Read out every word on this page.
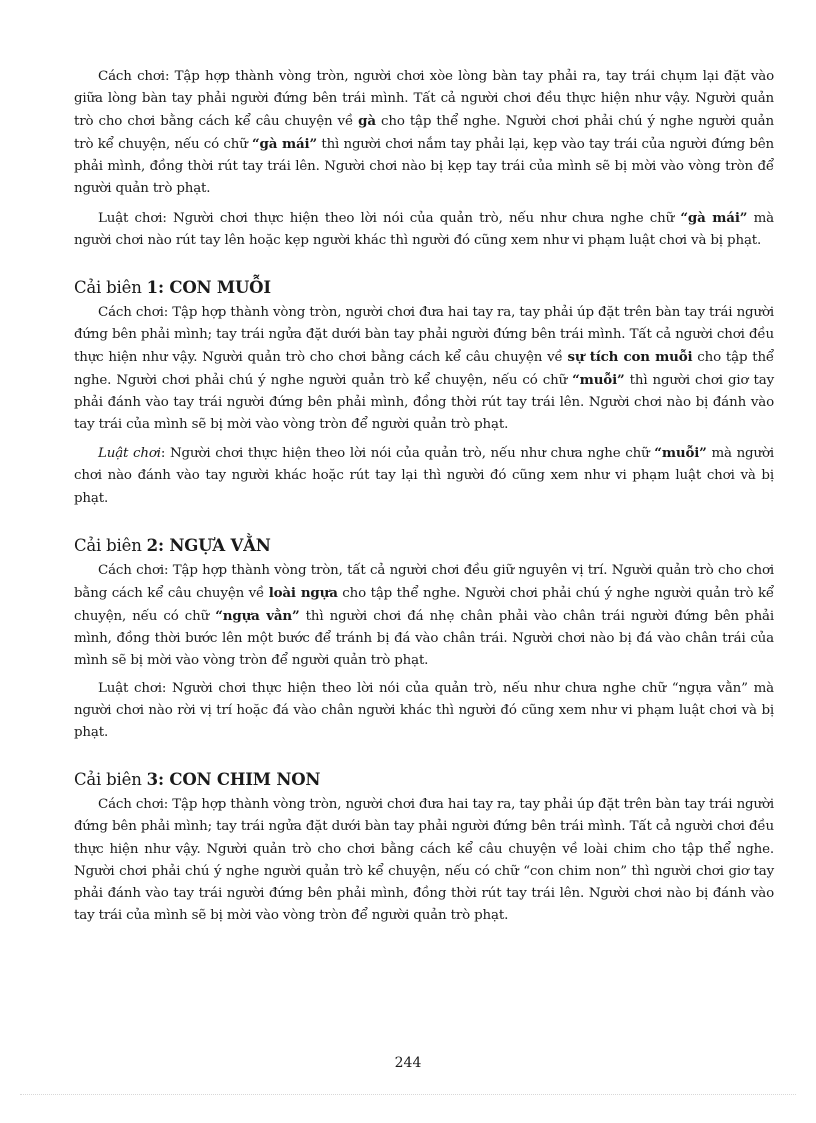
Cách chơi: Tập hợp thành vòng tròn, người chơi xòe lòng bàn tay phải ra, tay trái chụm lại đặt vào giữa lòng bàn tay phải người đứng bên trái mình. Tất cả người chơi đều thực hiện như vậy. Người quản trò cho chơi bằng cách kể câu chuyện về gà cho tập thể nghe. Người chơi phải chú ý nghe người quản trò kể chuyện, nếu có chữ “gà mái” thì người chơi nắm tay phải lại, kẹp vào tay trái của người đứng bên phải mình, đồng thời rút tay trái lên. Người chơi nào bị kẹp tay trái của mình sẽ bị mời vào vòng tròn để người quản trò phạt.

Luật chơi: Người chơi thực hiện theo lời nói của quản trò, nếu như chưa nghe chữ “gà mái” mà người chơi nào rút tay lên hoặc kẹp người khác thì người đó cũng xem như vi phạm luật chơi và bị phạt.

Cải biên 1: CON MUỖI

Cách chơi: Tập hợp thành vòng tròn, người chơi đưa hai tay ra, tay phải úp đặt trên bàn tay trái người đứng bên phải mình; tay trái ngửa đặt dưới bàn tay phải người đứng bên trái mình. Tất cả người chơi đều thực hiện như vậy. Người quản trò cho chơi bằng cách kể câu chuyện về sự tích con muỗi cho tập thể nghe. Người chơi phải chú ý nghe người quản trò kể chuyện, nếu có chữ “muỗi” thì người chơi giơ tay phải đánh vào tay trái người đứng bên phải mình, đồng thời rút tay trái lên. Người chơi nào bị đánh vào tay trái của mình sẽ bị mời vào vòng tròn để người quản trò phạt.

Luật chơi: Người chơi thực hiện theo lời nói của quản trò, nếu như chưa nghe chữ “muỗi” mà người chơi nào đánh vào tay người khác hoặc rút tay lại thì người đó cũng xem như vi phạm luật chơi và bị phạt.

Cải biên 2: NGỰA VẰN

Cách chơi: Tập hợp thành vòng tròn, tất cả người chơi đều giữ nguyên vị trí. Người quản trò cho chơi bằng cách kể câu chuyện về loài ngựa cho tập thể nghe. Người chơi phải chú ý nghe người quản trò kể chuyện, nếu có chữ “ngựa vằn” thì người chơi đá nhẹ chân phải vào chân trái người đứng bên phải mình, đồng thời bước lên một bước để tránh bị đá vào chân trái. Người chơi nào bị đá vào chân trái của mình sẽ bị mời vào vòng tròn để người quản trò phạt.

Luật chơi: Người chơi thực hiện theo lời nói của quản trò, nếu như chưa nghe chữ “ngựa vằn” mà người chơi nào rời vị trí hoặc đá vào chân người khác thì người đó cũng xem như vi phạm luật chơi và bị phạt.

Cải biên 3: CON CHIM NON

Cách chơi: Tập hợp thành vòng tròn, người chơi đưa hai tay ra, tay phải úp đặt trên bàn tay trái người đứng bên phải mình; tay trái ngửa đặt dưới bàn tay phải người đứng bên trái mình. Tất cả người chơi đều thực hiện như vậy. Người quản trò cho chơi bằng cách kể câu chuyện về loài chim cho tập thể nghe. Người chơi phải chú ý nghe người quản trò kể chuyện, nếu có chữ “con chim non” thì người chơi giơ tay phải đánh vào tay trái người đứng bên phải mình, đồng thời rút tay trái lên. Người chơi nào bị đánh vào tay trái của mình sẽ bị mời vào vòng tròn để người quản trò phạt.

244
